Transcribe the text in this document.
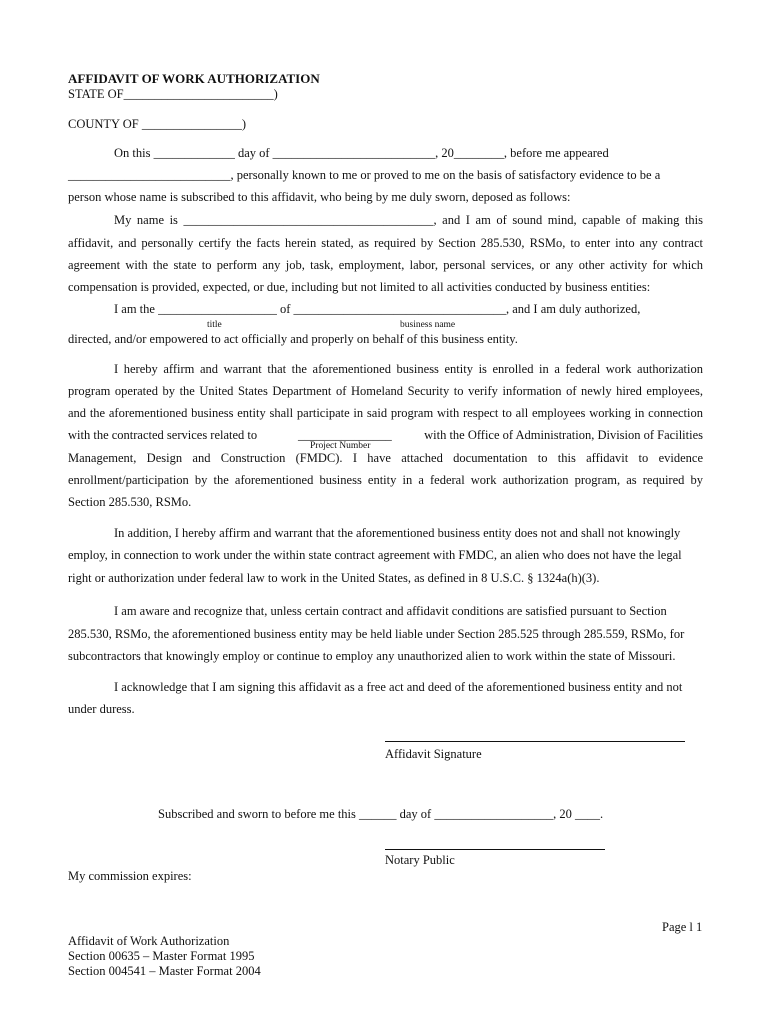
AFFIDAVIT OF WORK AUTHORIZATION
STATE OF________________________)
COUNTY OF ________________)
On this _____________ day of __________________________, 20________, before me appeared
__________________________, personally known to me or proved to me on the basis of satisfactory evidence to be a
person whose name is subscribed to this affidavit, who being by me duly sworn, deposed as follows:
My name is ________________________________________, and I am of sound mind, capable of making this
affidavit, and personally certify the facts herein stated, as required by Section 285.530, RSMo, to enter into any contract
agreement with the state to perform any job, task, employment, labor, personal services, or any other activity for which
compensation is provided, expected, or due, including but not limited to all activities conducted by business entities:
I am the ___________________ of __________________________________, and I am duly authorized,
title	business name
directed, and/or empowered to act officially and properly on behalf of this business entity.
I hereby affirm and warrant that the aforementioned business entity is enrolled in a federal work authorization
program operated by the United States Department of Homeland Security to verify information of newly hired employees,
and the aforementioned business entity shall participate in said program with respect to all employees working in connection
with the contracted services related to	_______________
Project Number
with the Office of Administration, Division of Facilities
Management, Design and Construction (FMDC). I have attached documentation to this affidavit to evidence
enrollment/participation by the aforementioned business entity in a federal work authorization program, as required by
Section 285.530, RSMo.
In addition, I hereby affirm and warrant that the aforementioned business entity does not and shall not knowingly
employ, in connection to work under the within state contract agreement with FMDC, an alien who does not have the legal
right or authorization under federal law to work in the United States, as defined in 8 U.S.C. § 1324a(h)(3).
I am aware and recognize that, unless certain contract and affidavit conditions are satisfied pursuant to Section
285.530, RSMo, the aforementioned business entity may be held liable under Section 285.525 through 285.559, RSMo, for
subcontractors that knowingly employ or continue to employ any unauthorized alien to work within the state of Missouri.
I acknowledge that I am signing this affidavit as a free act and deed of the aforementioned business entity and not
under duress.
Affidavit Signature
Subscribed and sworn to before me this ______ day of ___________________, 20 ____.
Notary Public
My commission expires:
Page l 1
Affidavit of Work Authorization
Section 00635 – Master Format 1995
Section 004541 – Master Format 2004
